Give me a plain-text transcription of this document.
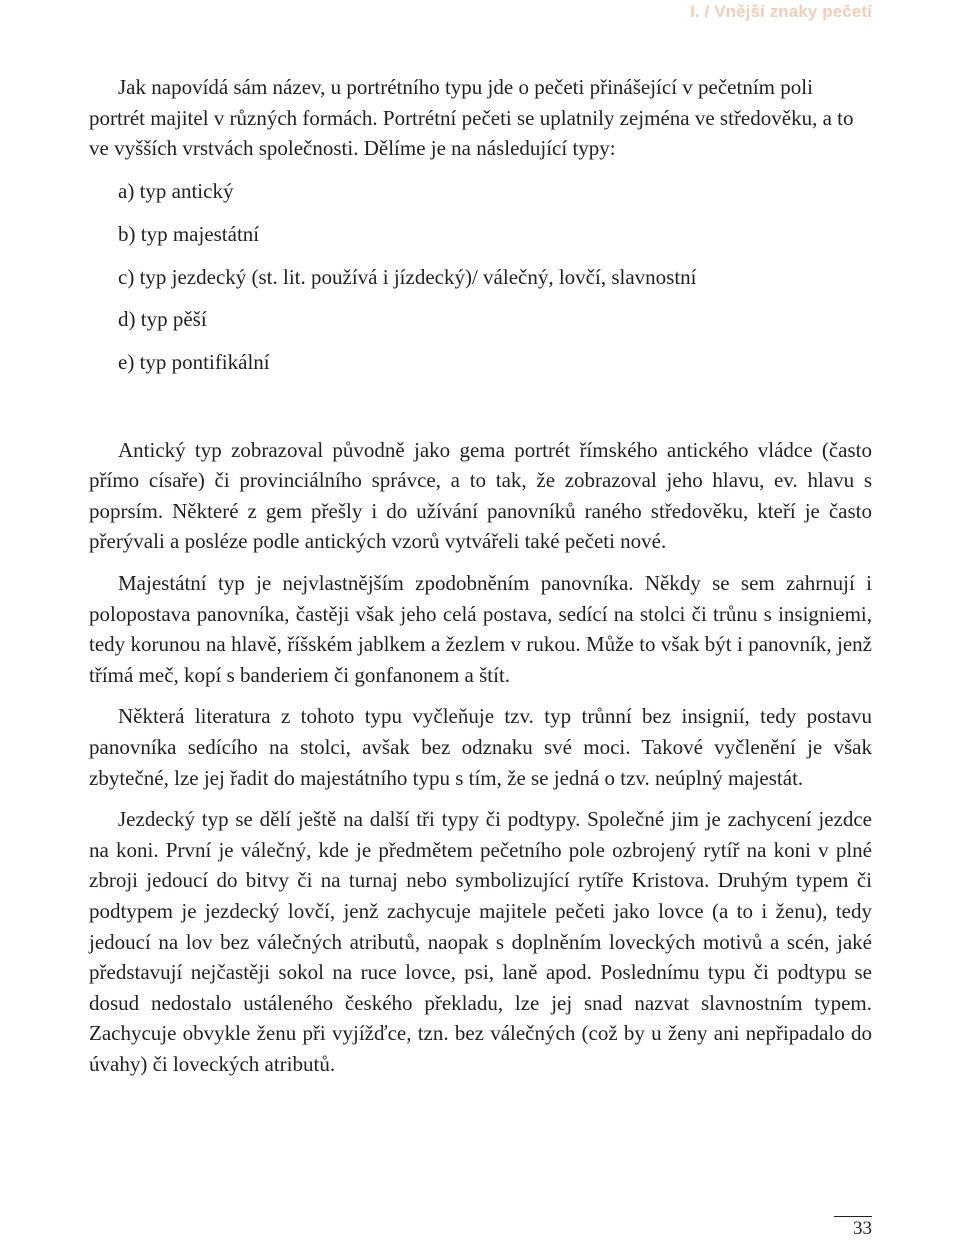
I. / Vnější znaky pečetí

Jak napovídá sám název, u portrétního typu jde o pečeti přinášející v pečetním poli portrét majitel v různých formách. Portrétní pečeti se uplatnily zejména ve středověku, a to ve vyšších vrstvách společnosti. Dělíme je na následující typy:

a) typ antický
b) typ majestátní
c) typ jezdecký (st. lit. používá i jízdecký)/ válečný, lovčí, slavnostní
d) typ pěší
e) typ pontifikální

Antický typ zobrazoval původně jako gema portrét římského antického vládce (často přímo císaře) či provinciálního správce, a to tak, že zobrazoval jeho hlavu, ev. hlavu s poprsím. Některé z gem přešly i do užívání panovníků raného středověku, kteří je často přerývali a posléze podle antických vzorů vytvářeli také pečeti nové.

Majestátní typ je nejvlastnějším zpodobněním panovníka. Někdy se sem zahrnují i polopostava panovníka, častěji však jeho celá postava, sedící na stolci či trůnu s insigniemi, tedy korunou na hlavě, říšském jablkem a žezlem v rukou. Může to však být i panovník, jenž třímá meč, kopí s banderiem či gonfanonem a štít.

Některá literatura z tohoto typu vyčleňuje tzv. typ trůnní bez insignií, tedy postavu panovníka sedícího na stolci, avšak bez odznaku své moci. Takové vyčlenění je však zbytečné, lze jej řadit do majestátního typu s tím, že se jedná o tzv. neúplný majestát.

Jezdecký typ se dělí ještě na další tři typy či podtypy. Společné jim je zachycení jezdce na koni. První je válečný, kde je předmětem pečetního pole ozbrojený rytíř na koni v plné zbroji jedoucí do bitvy či na turnaj nebo symbolizující rytíře Kristova. Druhým typem či podtypem je jezdecký lovčí, jenž zachycuje majitele pečeti jako lovce (a to i ženu), tedy jedoucí na lov bez válečných atributů, naopak s doplněním loveckých motivů a scén, jaké představují nejčastěji sokol na ruce lovce, psi, laně apod. Poslednímu typu či podtypu se dosud nedostalo ustáleného českého překladu, lze jej snad nazvat slavnostním typem. Zachycuje obvykle ženu při vyjížďce, tzn. bez válečných (což by u ženy ani nepřipadalo do úvahy) či loveckých atributů.

33
